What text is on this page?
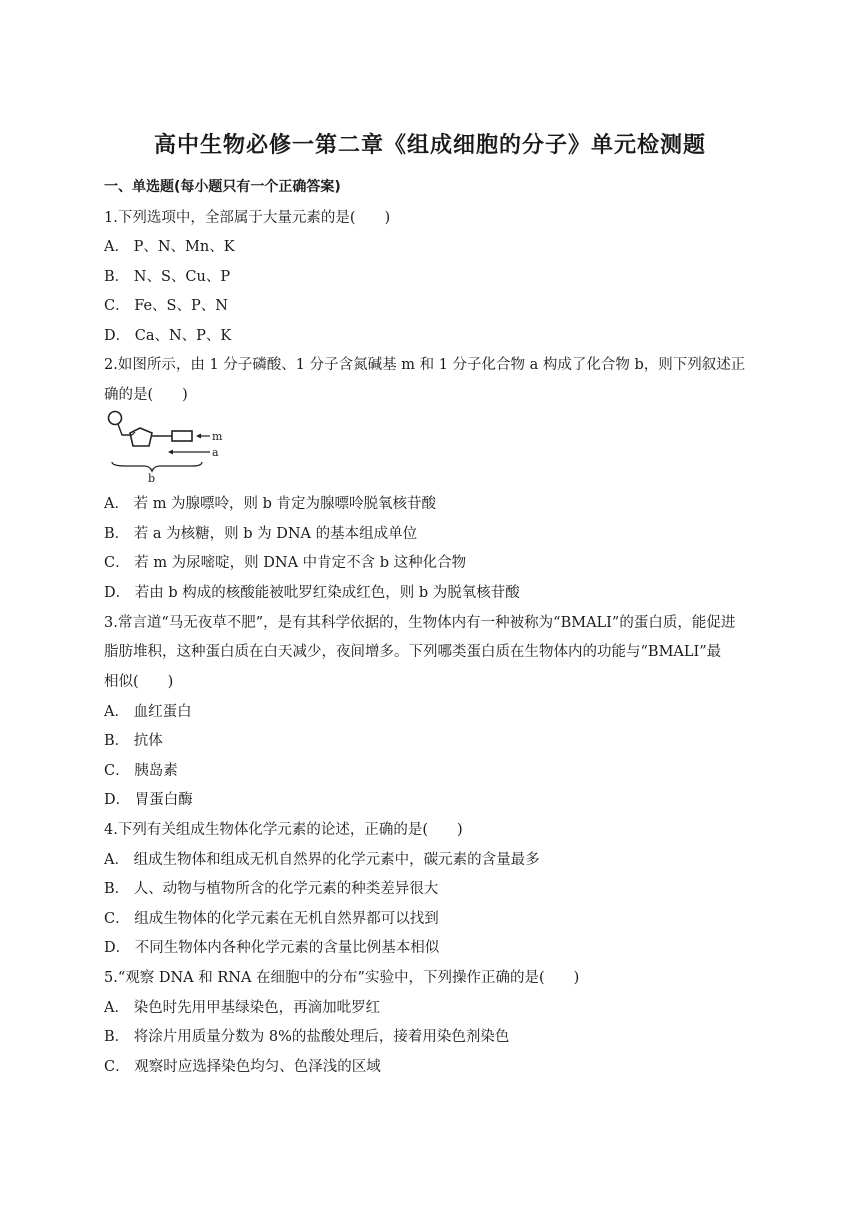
高中生物必修一第二章《组成细胞的分子》单元检测题
一、单选题(每小题只有一个正确答案)
1.下列选项中，全部属于大量元素的是(　　)
A． P、N、Mn、K
B． N、S、Cu、P
C． Fe、S、P、N
D． Ca、N、P、K
2.如图所示，由 1 分子磷酸、1 分子含氮碱基 m 和 1 分子化合物 a 构成了化合物 b，则下列叙述正
确的是(　　)
m
a
b
A． 若 m 为腺嘌呤，则 b 肯定为腺嘌呤脱氧核苷酸
B． 若 a 为核糖，则 b 为 DNA 的基本组成单位
C． 若 m 为尿嘧啶，则 DNA 中肯定不含 b 这种化合物
D． 若由 b 构成的核酸能被吡罗红染成红色，则 b 为脱氧核苷酸
3.常言道“马无夜草不肥”，是有其科学依据的，生物体内有一种被称为“BMALI”的蛋白质，能促进
脂肪堆积，这种蛋白质在白天减少，夜间增多。下列哪类蛋白质在生物体内的功能与“BMALI”最
相似(　　)
A． 血红蛋白
B． 抗体
C． 胰岛素
D． 胃蛋白酶
4.下列有关组成生物体化学元素的论述，正确的是(　　)
A． 组成生物体和组成无机自然界的化学元素中，碳元素的含量最多
B． 人、动物与植物所含的化学元素的种类差异很大
C． 组成生物体的化学元素在无机自然界都可以找到
D． 不同生物体内各种化学元素的含量比例基本相似
5.“观察 DNA 和 RNA 在细胞中的分布”实验中，下列操作正确的是(　　)
A． 染色时先用甲基绿染色，再滴加吡罗红
B． 将涂片用质量分数为 8%的盐酸处理后，接着用染色剂染色
C． 观察时应选择染色均匀、色泽浅的区域
